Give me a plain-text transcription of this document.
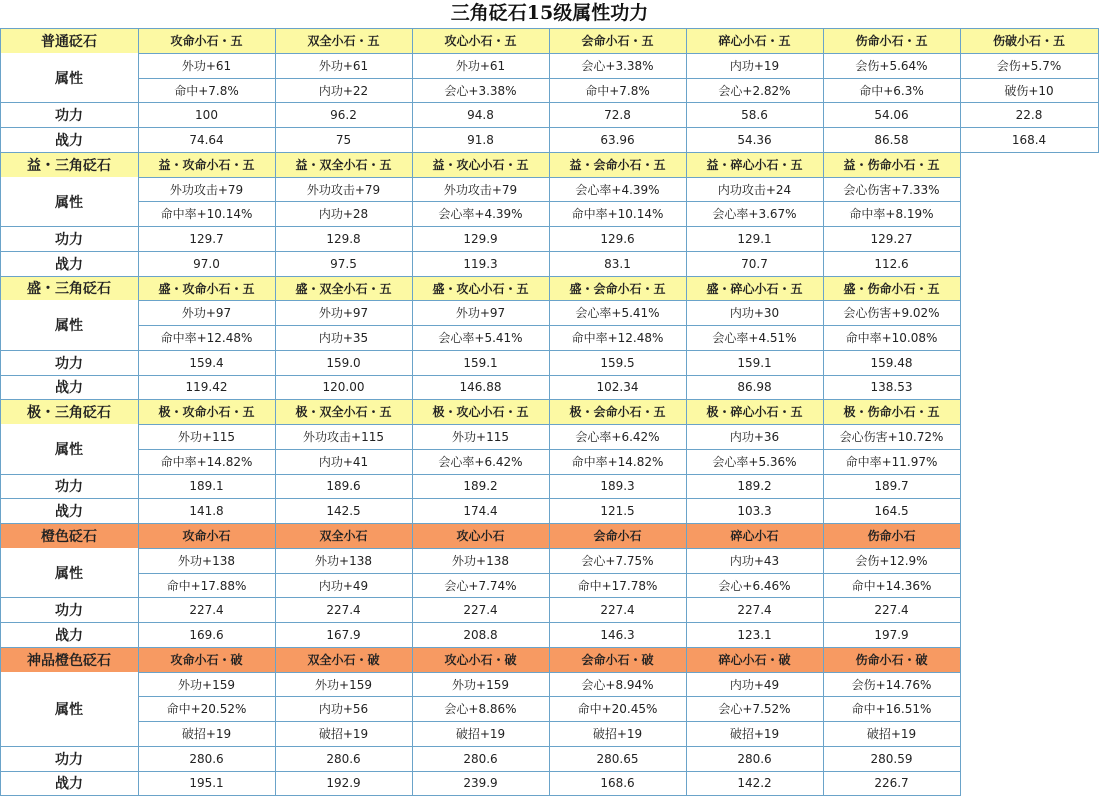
三角砭石15级属性功力
普通砭石	攻命小石・五	双全小石・五	攻心小石・五	会命小石・五	碎心小石・五	伤命小石・五	伤破小石・五
属性
外功+61	外功+61	外功+61	会心+3.38%	内功+19	会伤+5.64%	会伤+5.7%
命中+7.8%	内功+22	会心+3.38%	命中+7.8%	会心+2.82%	命中+6.3%	破伤+10
功力	100	96.2	94.8	72.8	58.6	54.06	22.8
战力	74.64	75	91.8	63.96	54.36	86.58	168.4
益・三角砭石	益・攻命小石・五	益・双全小石・五	益・攻心小石・五	益・会命小石・五	益・碎心小石・五	益・伤命小石・五
属性
外功攻击+79	外功攻击+79	外功攻击+79	会心率+4.39%	内功攻击+24	会心伤害+7.33%
命中率+10.14%	内功+28	会心率+4.39%	命中率+10.14%	会心率+3.67%	命中率+8.19%
功力	129.7	129.8	129.9	129.6	129.1	129.27
战力	97.0	97.5	119.3	83.1	70.7	112.6
盛・三角砭石	盛・攻命小石・五	盛・双全小石・五	盛・攻心小石・五	盛・会命小石・五	盛・碎心小石・五	盛・伤命小石・五
属性
外功+97	外功+97	外功+97	会心率+5.41%	内功+30	会心伤害+9.02%
命中率+12.48%	内功+35	会心率+5.41%	命中率+12.48%	会心率+4.51%	命中率+10.08%
功力	159.4	159.0	159.1	159.5	159.1	159.48
战力	119.42	120.00	146.88	102.34	86.98	138.53
极・三角砭石	极・攻命小石・五	极・双全小石・五	极・攻心小石・五	极・会命小石・五	极・碎心小石・五	极・伤命小石・五
属性
外功+115	外功攻击+115	外功+115	会心率+6.42%	内功+36	会心伤害+10.72%
命中率+14.82%	内功+41	会心率+6.42%	命中率+14.82%	会心率+5.36%	命中率+11.97%
功力	189.1	189.6	189.2	189.3	189.2	189.7
战力	141.8	142.5	174.4	121.5	103.3	164.5
橙色砭石	攻命小石	双全小石	攻心小石	会命小石	碎心小石	伤命小石
属性
外功+138	外功+138	外功+138	会心+7.75%	内功+43	会伤+12.9%
命中+17.88%	内功+49	会心+7.74%	命中+17.78%	会心+6.46%	命中+14.36%
功力	227.4	227.4	227.4	227.4	227.4	227.4
战力	169.6	167.9	208.8	146.3	123.1	197.9
神品橙色砭石	攻命小石・破	双全小石・破	攻心小石・破	会命小石・破	碎心小石・破	伤命小石・破
属性
外功+159	外功+159	外功+159	会心+8.94%	内功+49	会伤+14.76%
命中+20.52%	内功+56	会心+8.86%	命中+20.45%	会心+7.52%	命中+16.51%
破招+19	破招+19	破招+19	破招+19	破招+19	破招+19
功力	280.6	280.6	280.6	280.65	280.6	280.59
战力	195.1	192.9	239.9	168.6	142.2	226.7
